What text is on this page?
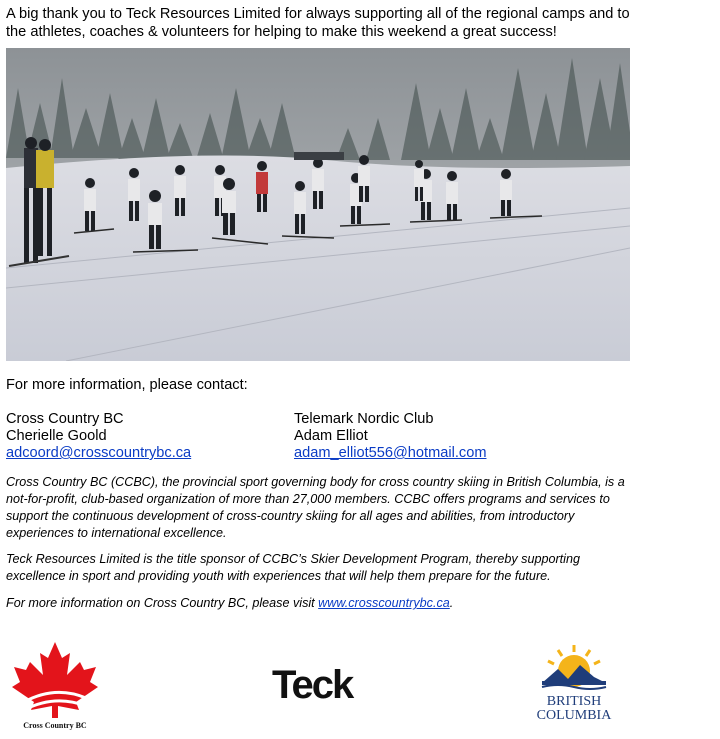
A big thank you to Teck Resources Limited for always supporting all of the regional camps and to the athletes, coaches & volunteers for helping to make this weekend a great success!
For more information, please contact:
Cross Country BC
Cherielle Goold
adcoord@crosscountrybc.ca
Telemark Nordic Club
Adam Elliot
adam_elliot556@hotmail.com
Cross Country BC (CCBC), the provincial sport governing body for cross country skiing in British Columbia, is a not-for-profit, club-based organization of more than 27,000 members. CCBC offers programs and services to support the continuous development of cross-country skiing for all ages and abilities, from introductory experiences to international excellence.
Teck Resources Limited is the title sponsor of CCBC’s Skier Development Program, thereby supporting excellence in sport and providing youth with experiences that will help them prepare for the future.
For more information on Cross Country BC, please visit www.crosscountrybc.ca.
Cross Country BC
Teck	BRITISH
COLUMBIA
